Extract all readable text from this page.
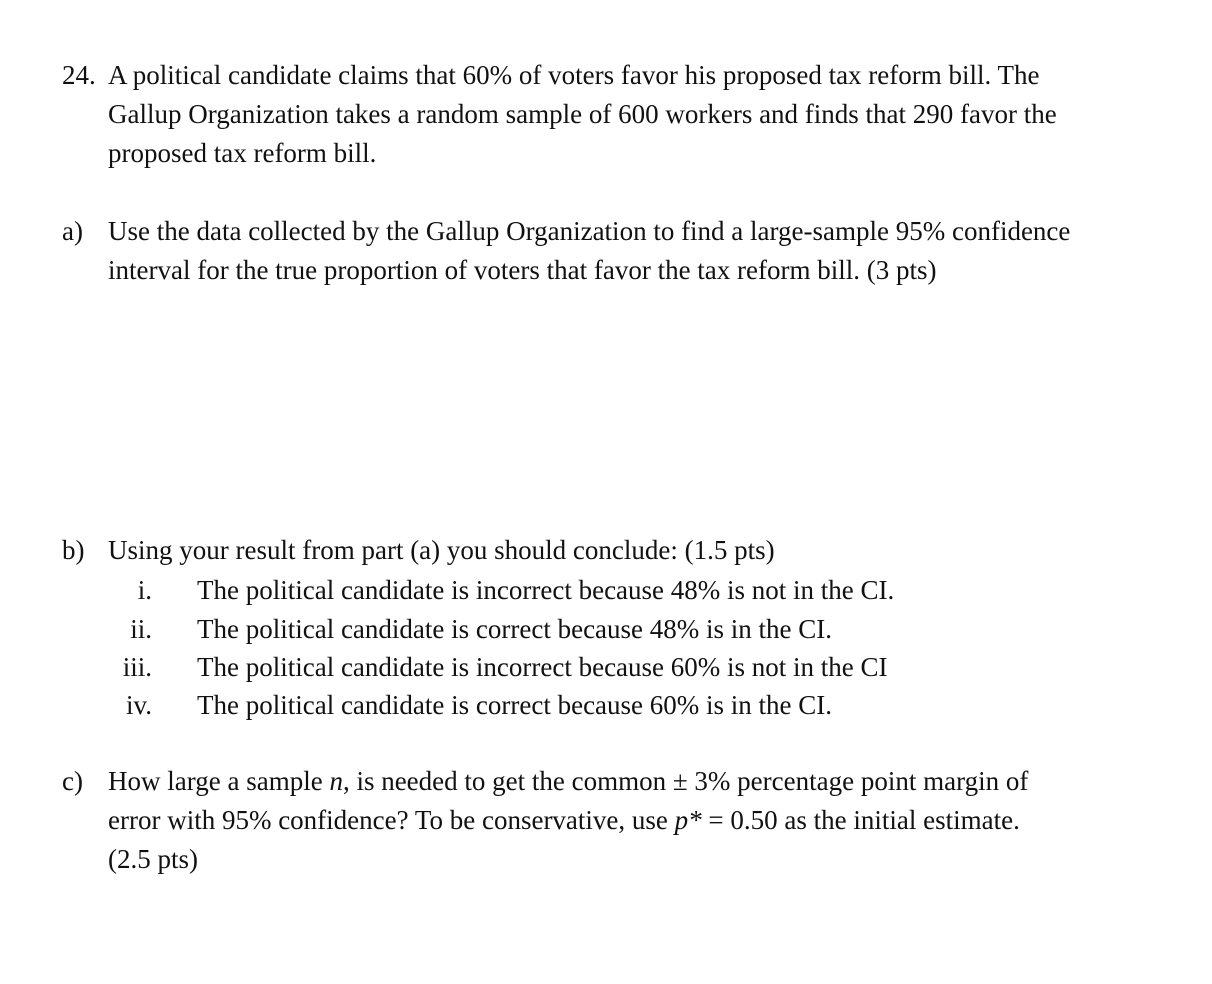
24. A political candidate claims that 60% of voters favor his proposed tax reform bill. The
Gallup Organization takes a random sample of 600 workers and finds that 290 favor the
proposed tax reform bill.
a) Use the data collected by the Gallup Organization to find a large-sample 95% confidence
interval for the true proportion of voters that favor the tax reform bill. (3 pts)
b) Using your result from part (a) you should conclude: (1.5 pts)
i. The political candidate is incorrect because 48% is not in the CI.
ii. The political candidate is correct because 48% is in the CI.
iii. The political candidate is incorrect because 60% is not in the CI
iv. The political candidate is correct because 60% is in the CI.
c) How large a sample n, is needed to get the common ± 3% percentage point margin of
error with 95% confidence? To be conservative, use p* = 0.50 as the initial estimate.
(2.5 pts)
